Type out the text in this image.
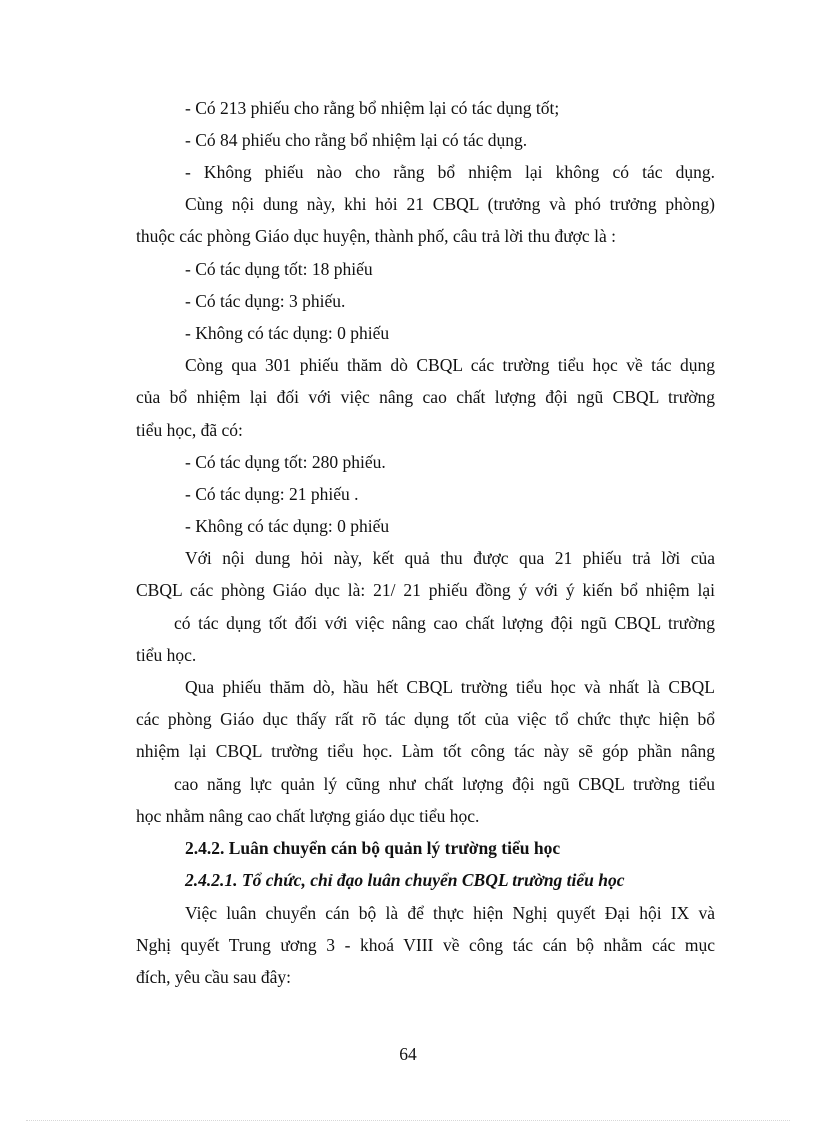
- Có 213 phiếu cho rằng bổ nhiệm lại có tác dụng tốt;
- Có 84 phiếu cho rằng bổ nhiệm lại có tác dụng.
- Không phiếu nào cho rằng bổ nhiệm lại không có tác dụng.
Cùng nội dung này, khi hỏi 21 CBQL (trưởng và phó trưởng phòng)
thuộc các phòng Giáo dục huyện, thành phố, câu trả lời thu được là :
- Có tác dụng tốt: 18 phiếu
- Có tác dụng: 3 phiếu.
- Không có tác dụng: 0 phiếu
Còng qua 301 phiếu thăm dò CBQL các trường tiểu học về tác dụng
của bổ nhiệm lại đối với việc nâng cao chất lượng đội ngũ CBQL trường
tiểu học, đã có:
- Có tác dụng tốt: 280 phiếu.
- Có tác dụng: 21 phiếu .
- Không có tác dụng: 0 phiếu
Với nội dung hỏi này, kết quả thu được qua 21 phiếu trả lời của
CBQL các phòng Giáo dục là: 21/ 21 phiếu đồng ý với ý kiến bổ nhiệm lại
có tác dụng tốt đối với việc nâng cao chất lượng đội ngũ CBQL trường
tiểu học.
Qua phiếu thăm dò, hầu hết CBQL trường tiểu học và nhất là CBQL
các phòng Giáo dục thấy rất rõ tác dụng tốt của việc tổ chức thực hiện bổ
nhiệm lại CBQL trường tiểu học. Làm tốt công tác này sẽ góp phần nâng
cao năng lực quản lý cũng như chất lượng đội ngũ CBQL trường tiểu
học nhằm nâng cao chất lượng giáo dục tiểu học.
2.4.2. Luân chuyển cán bộ quản lý trường tiểu học
2.4.2.1. Tổ chức, chỉ đạo luân chuyển CBQL trường tiểu học
Việc luân chuyển cán bộ là để thực hiện Nghị quyết Đại hội IX và
Nghị quyết Trung ương 3 - khoá VIII về công tác cán bộ nhằm các mục
đích, yêu cầu sau đây:
64
